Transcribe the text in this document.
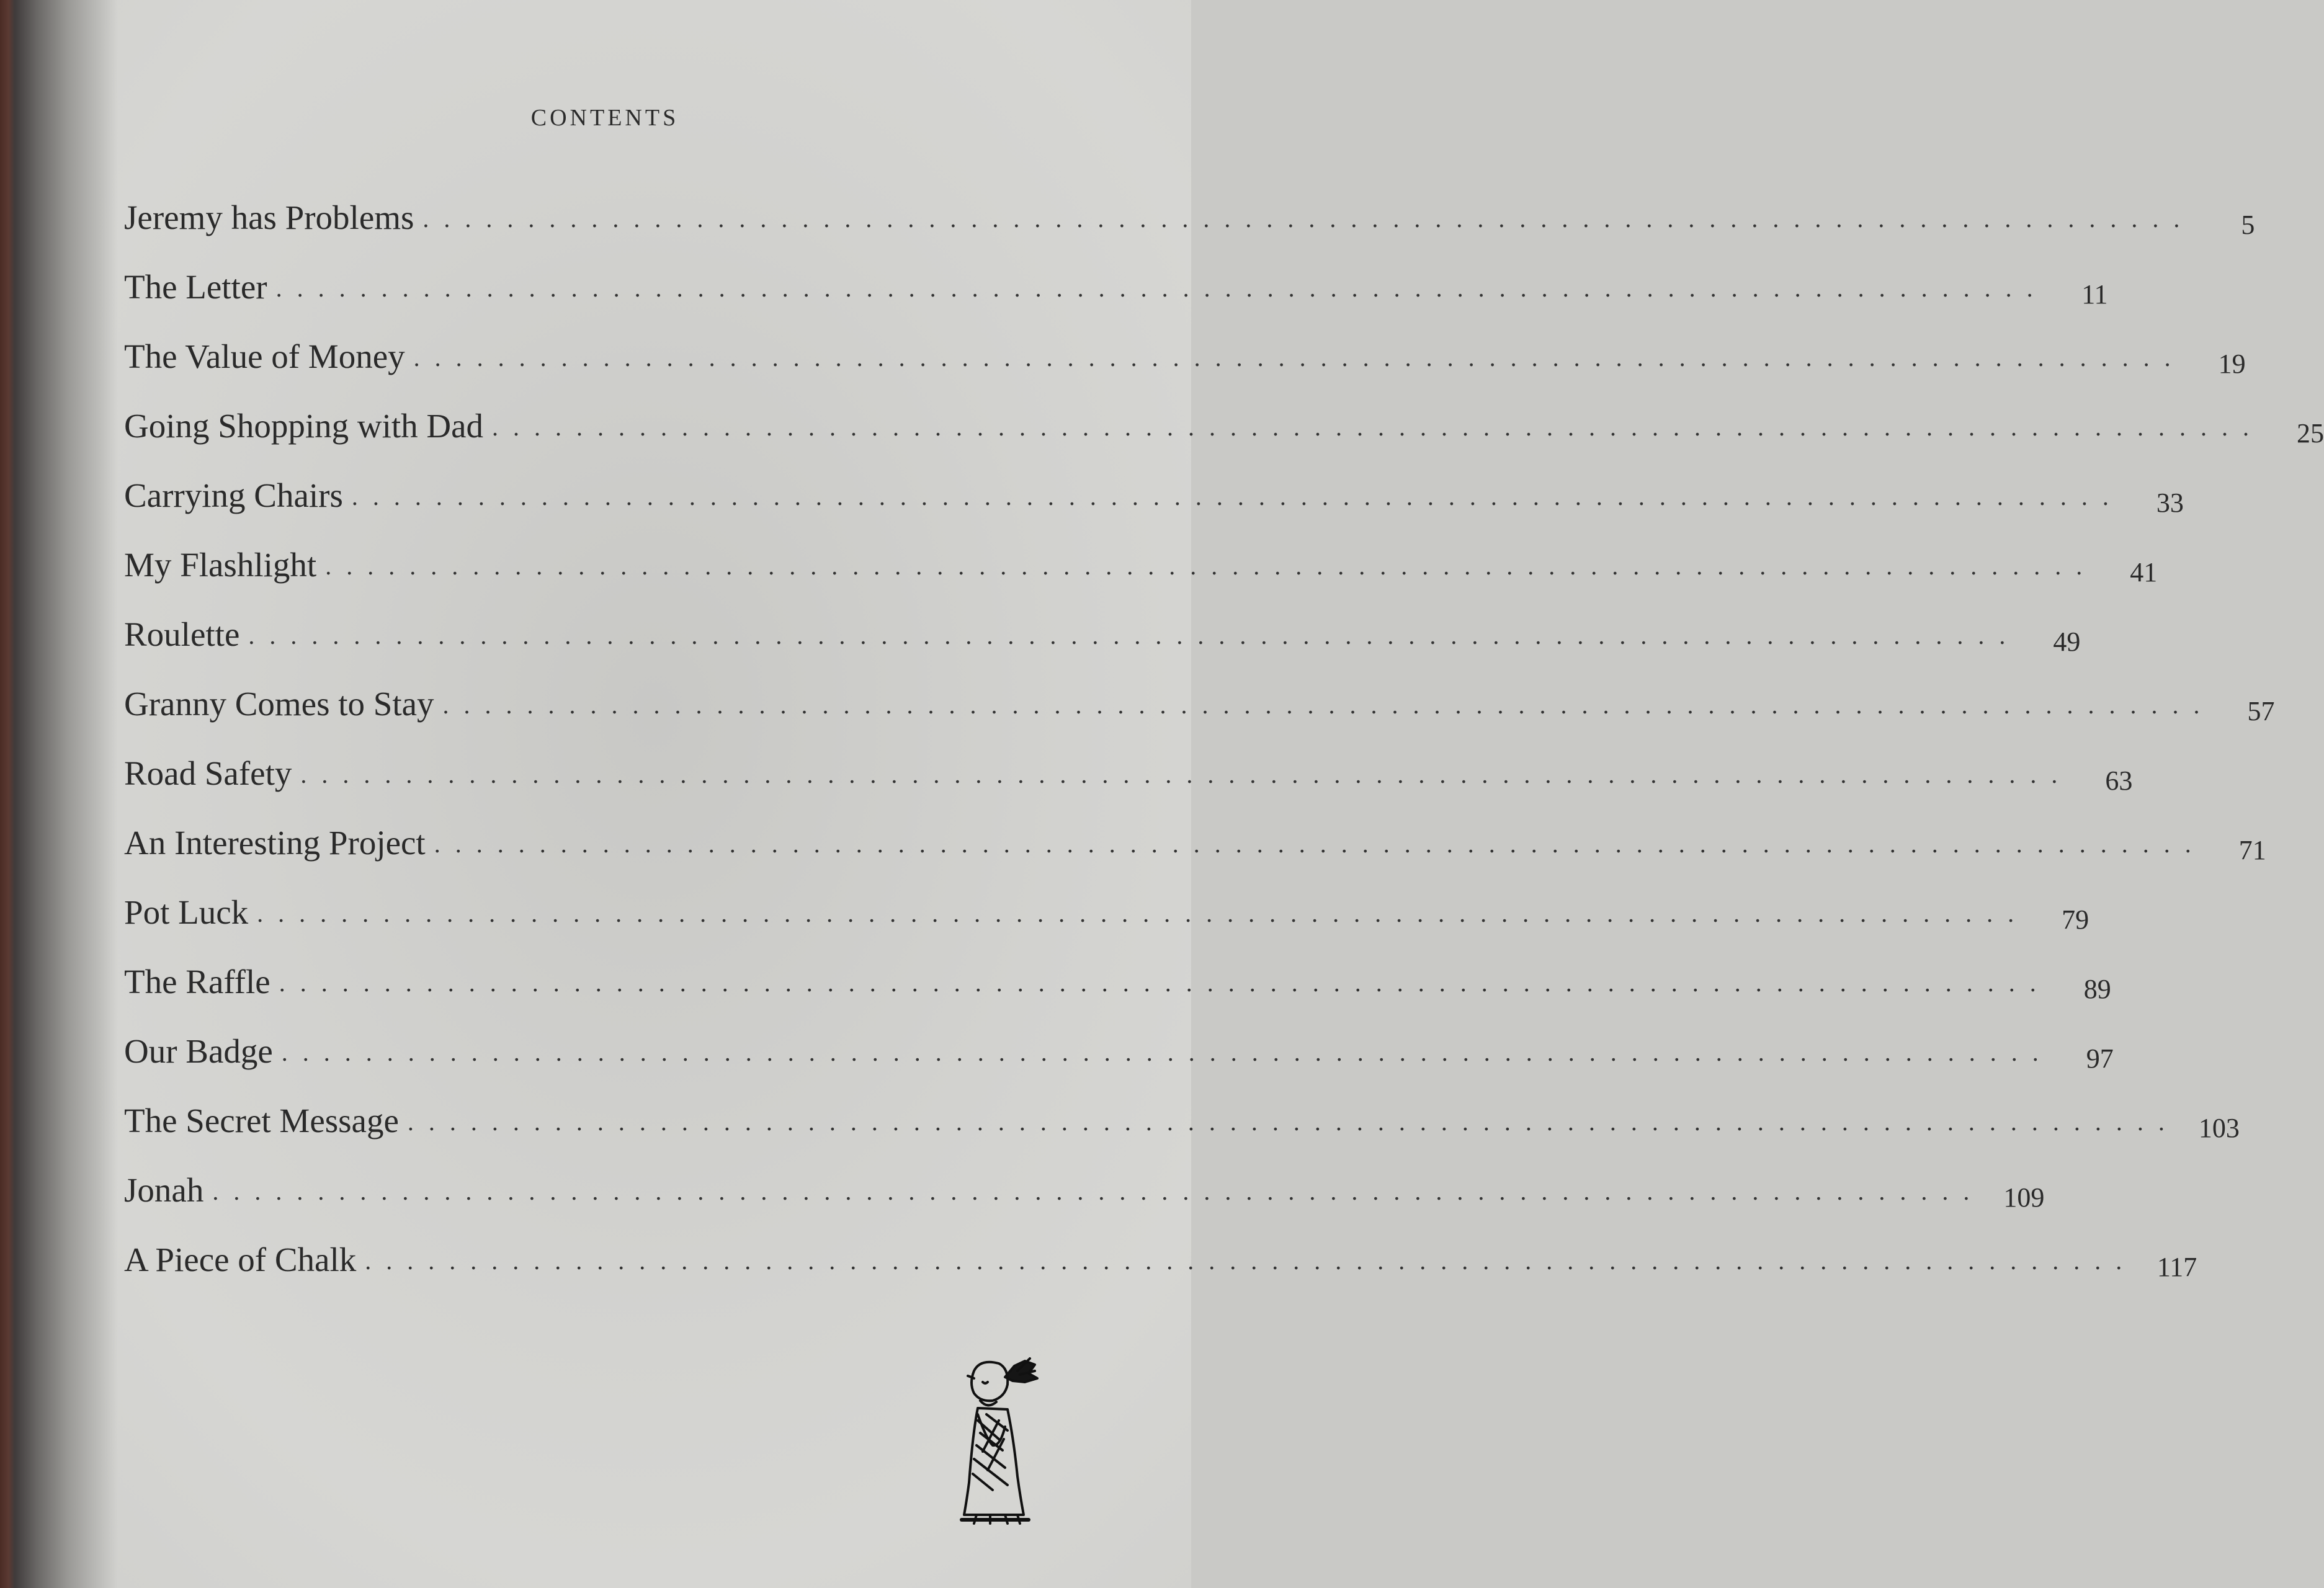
CONTENTS
Jeremy has Problems . . . . . . . . . . . . . . . . . . . . . . . . . . . . . . . . . . . . . . . . . . . . . . . . . . . . . . . . . . . . . . . . . . . . . . . . . . . . . . . . . . . .	5
The Letter . . . . . . . . . . . . . . . . . . . . . . . . . . . . . . . . . . . . . . . . . . . . . . . . . . . . . . . . . . . . . . . . . . . . . . . . . . . . . . . . . . . .	11
The Value of Money . . . . . . . . . . . . . . . . . . . . . . . . . . . . . . . . . . . . . . . . . . . . . . . . . . . . . . . . . . . . . . . . . . . . . . . . . . . . . . . . . . . .	19
Going Shopping with Dad . . . . . . . . . . . . . . . . . . . . . . . . . . . . . . . . . . . . . . . . . . . . . . . . . . . . . . . . . . . . . . . . . . . . . . . . . . . . . . . . . . . .	25
Carrying Chairs . . . . . . . . . . . . . . . . . . . . . . . . . . . . . . . . . . . . . . . . . . . . . . . . . . . . . . . . . . . . . . . . . . . . . . . . . . . . . . . . . . . .	33
My Flashlight . . . . . . . . . . . . . . . . . . . . . . . . . . . . . . . . . . . . . . . . . . . . . . . . . . . . . . . . . . . . . . . . . . . . . . . . . . . . . . . . . . . .	41
Roulette . . . . . . . . . . . . . . . . . . . . . . . . . . . . . . . . . . . . . . . . . . . . . . . . . . . . . . . . . . . . . . . . . . . . . . . . . . . . . . . . . . . .	49
Granny Comes to Stay . . . . . . . . . . . . . . . . . . . . . . . . . . . . . . . . . . . . . . . . . . . . . . . . . . . . . . . . . . . . . . . . . . . . . . . . . . . . . . . . . . . .	57
Road Safety . . . . . . . . . . . . . . . . . . . . . . . . . . . . . . . . . . . . . . . . . . . . . . . . . . . . . . . . . . . . . . . . . . . . . . . . . . . . . . . . . . . .	63
An Interesting Project . . . . . . . . . . . . . . . . . . . . . . . . . . . . . . . . . . . . . . . . . . . . . . . . . . . . . . . . . . . . . . . . . . . . . . . . . . . . . . . . . . . .	71
Pot Luck . . . . . . . . . . . . . . . . . . . . . . . . . . . . . . . . . . . . . . . . . . . . . . . . . . . . . . . . . . . . . . . . . . . . . . . . . . . . . . . . . . . .	79
The Raffle . . . . . . . . . . . . . . . . . . . . . . . . . . . . . . . . . . . . . . . . . . . . . . . . . . . . . . . . . . . . . . . . . . . . . . . . . . . . . . . . . . . .	89
Our Badge . . . . . . . . . . . . . . . . . . . . . . . . . . . . . . . . . . . . . . . . . . . . . . . . . . . . . . . . . . . . . . . . . . . . . . . . . . . . . . . . . . . .	97
The Secret Message . . . . . . . . . . . . . . . . . . . . . . . . . . . . . . . . . . . . . . . . . . . . . . . . . . . . . . . . . . . . . . . . . . . . . . . . . . . . . . . . . . . .	103
Jonah . . . . . . . . . . . . . . . . . . . . . . . . . . . . . . . . . . . . . . . . . . . . . . . . . . . . . . . . . . . . . . . . . . . . . . . . . . . . . . . . . . . .	109
A Piece of Chalk . . . . . . . . . . . . . . . . . . . . . . . . . . . . . . . . . . . . . . . . . . . . . . . . . . . . . . . . . . . . . . . . . . . . . . . . . . . . . . . . . . . .	117
